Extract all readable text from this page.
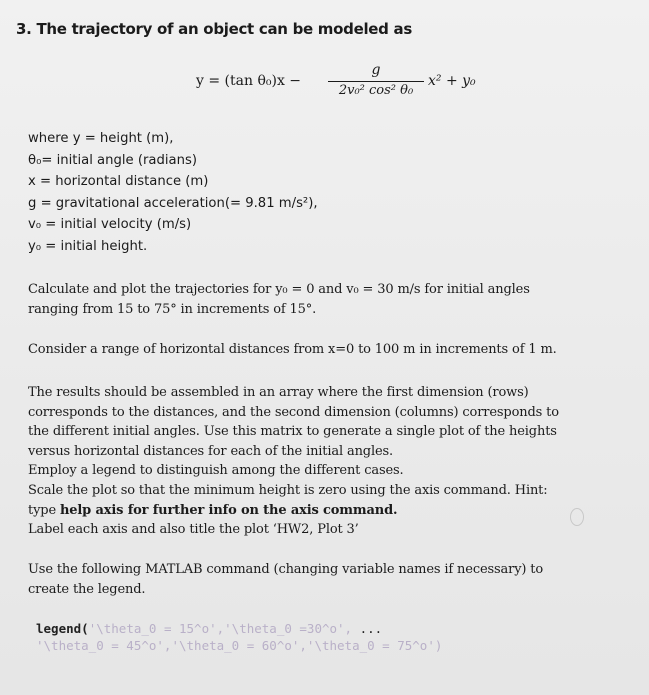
3. The trajectory of an object can be modeled as
y = (tan θ₀)x −
g
2v₀² cos² θ₀
x² + y₀
where y = height (m),
θ₀= initial angle (radians)
x = horizontal distance (m)
g = gravitational acceleration(= 9.81 m/s²),
v₀ = initial velocity (m/s)
y₀ = initial height.
Calculate and plot the trajectories for y₀ = 0 and v₀ = 30 m/s for initial angles
ranging from 15 to 75° in increments of 15°.
Consider a range of horizontal distances from x=0 to 100 m in increments of 1 m.
The results should be assembled in an array where the first dimension (rows)
corresponds to the distances, and the second dimension (columns) corresponds to
the different initial angles. Use this matrix to generate a single plot of the heights
versus horizontal distances for each of the initial angles.
Employ a legend to distinguish among the different cases.
Scale the plot so that the minimum height is zero using the axis command. Hint:
type help axis for further info on the axis command.
Label each axis and also title the plot ‘HW2, Plot 3’
Use the following MATLAB command (changing variable names if necessary) to
create the legend.
legend('\theta_0 = 15^o','\theta_0 =30^o', ...
'\theta_0 = 45^o','\theta_0 = 60^o','\theta_0 = 75^o')
